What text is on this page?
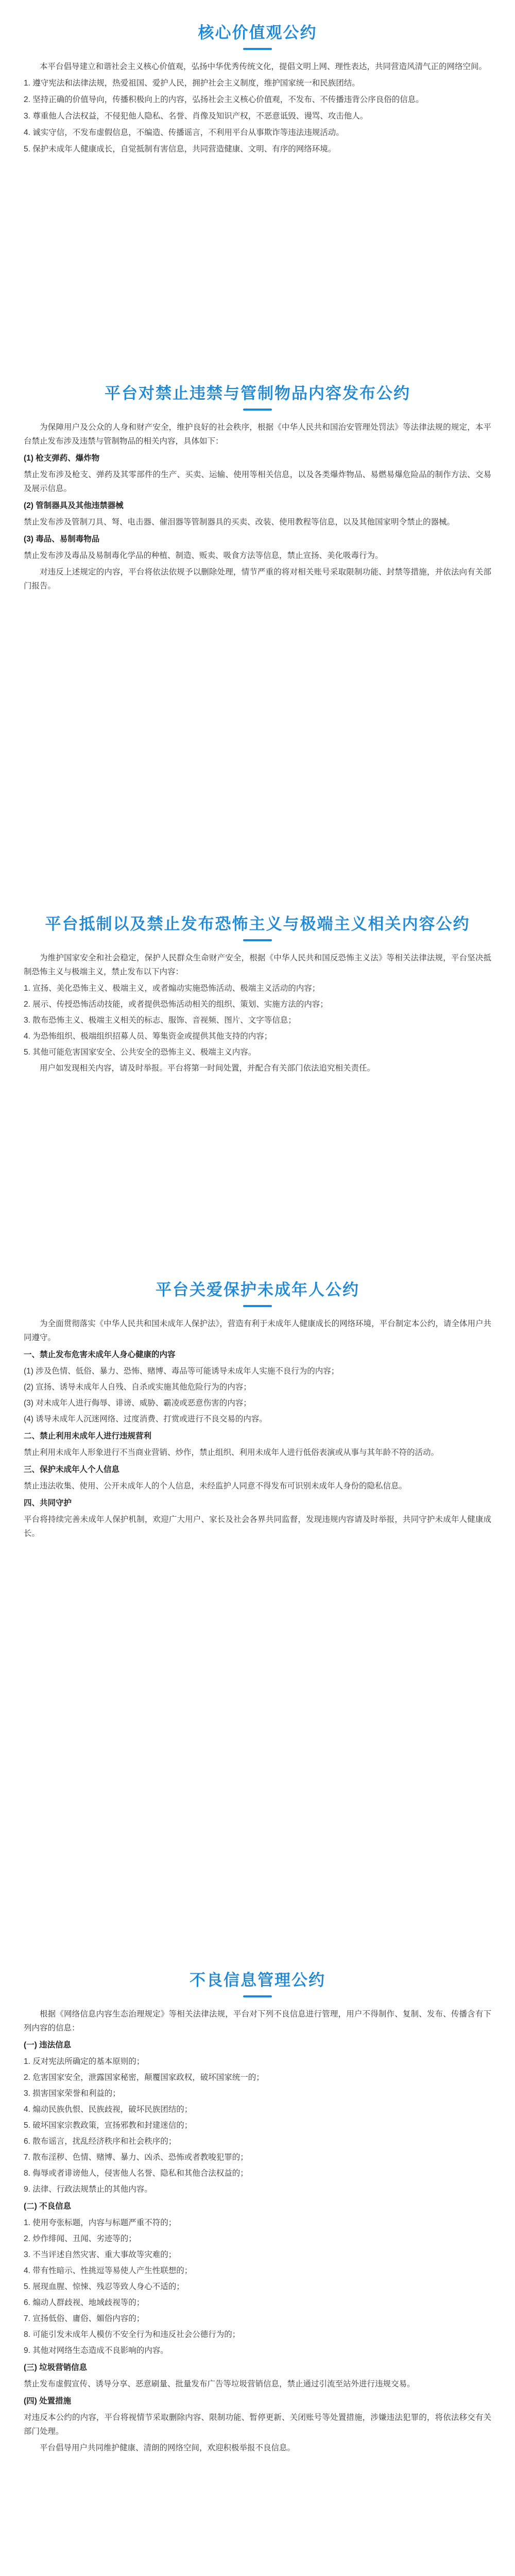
核心价值观公约

本平台倡导建立和谐社会主义核心价值观，弘扬中华优秀传统文化，提倡文明上网、理性表达，共同营造风清气正的网络空间。

1. 遵守宪法和法律法规，热爱祖国、爱护人民，拥护社会主义制度，维护国家统一和民族团结。

2. 坚持正确的价值导向，传播积极向上的内容，弘扬社会主义核心价值观，不发布、不传播违背公序良俗的信息。

3. 尊重他人合法权益，不侵犯他人隐私、名誉、肖像及知识产权，不恶意诋毁、谩骂、攻击他人。

4. 诚实守信，不发布虚假信息，不编造、传播谣言，不利用平台从事欺诈等违法违规活动。

5. 保护未成年人健康成长，自觉抵制有害信息，共同营造健康、文明、有序的网络环境。

平台对禁止违禁与管制物品内容发布公约

为保障用户及公众的人身和财产安全，维护良好的社会秩序，根据《中华人民共和国治安管理处罚法》等法律法规的规定，本平台禁止发布涉及违禁与管制物品的相关内容，具体如下：

(1) 枪支弹药、爆炸物

禁止发布涉及枪支、弹药及其零部件的生产、买卖、运输、使用等相关信息，以及各类爆炸物品、易燃易爆危险品的制作方法、交易及展示信息。

(2) 管制器具及其他违禁器械

禁止发布涉及管制刀具、弩、电击器、催泪器等管制器具的买卖、改装、使用教程等信息，以及其他国家明令禁止的器械。

(3) 毒品、易制毒物品

禁止发布涉及毒品及易制毒化学品的种植、制造、贩卖、吸食方法等信息，禁止宣扬、美化吸毒行为。

对违反上述规定的内容，平台将依法依规予以删除处理，情节严重的将对相关账号采取限制功能、封禁等措施，并依法向有关部门报告。

平台抵制以及禁止发布恐怖主义与极端主义相关内容公约

为维护国家安全和社会稳定，保护人民群众生命财产安全，根据《中华人民共和国反恐怖主义法》等相关法律法规，平台坚决抵制恐怖主义与极端主义，禁止发布以下内容：

1. 宣扬、美化恐怖主义、极端主义，或者煽动实施恐怖活动、极端主义活动的内容；
2. 展示、传授恐怖活动技能，或者提供恐怖活动相关的组织、策划、实施方法的内容；
3. 散布恐怖主义、极端主义相关的标志、服饰、音视频、图片、文字等信息；
4. 为恐怖组织、极端组织招募人员、筹集资金或提供其他支持的内容；
5. 其他可能危害国家安全、公共安全的恐怖主义、极端主义内容。

用户如发现相关内容，请及时举报。平台将第一时间处置，并配合有关部门依法追究相关责任。

平台关爱保护未成年人公约

为全面贯彻落实《中华人民共和国未成年人保护法》，营造有利于未成年人健康成长的网络环境，平台制定本公约，请全体用户共同遵守。

一、禁止发布危害未成年人身心健康的内容

(1) 涉及色情、低俗、暴力、恐怖、赌博、毒品等可能诱导未成年人实施不良行为的内容；
(2) 宣扬、诱导未成年人自残、自杀或实施其他危险行为的内容；
(3) 对未成年人进行侮辱、诽谤、威胁、霸凌或恶意伤害的内容；
(4) 诱导未成年人沉迷网络、过度消费、打赏或进行不良交易的内容。

二、禁止利用未成年人进行违规营利

禁止利用未成年人形象进行不当商业营销、炒作，禁止组织、利用未成年人进行低俗表演或从事与其年龄不符的活动。

三、保护未成年人个人信息

禁止违法收集、使用、公开未成年人的个人信息，未经监护人同意不得发布可识别未成年人身份的隐私信息。

四、共同守护

平台将持续完善未成年人保护机制，欢迎广大用户、家长及社会各界共同监督，发现违规内容请及时举报，共同守护未成年人健康成长。

不良信息管理公约

根据《网络信息内容生态治理规定》等相关法律法规，平台对下列不良信息进行管理，用户不得制作、复制、发布、传播含有下列内容的信息：

(一) 违法信息

1. 反对宪法所确定的基本原则的；
2. 危害国家安全，泄露国家秘密，颠覆国家政权，破坏国家统一的；
3. 损害国家荣誉和利益的；
4. 煽动民族仇恨、民族歧视，破坏民族团结的；
5. 破坏国家宗教政策，宣扬邪教和封建迷信的；
6. 散布谣言，扰乱经济秩序和社会秩序的；
7. 散布淫秽、色情、赌博、暴力、凶杀、恐怖或者教唆犯罪的；
8. 侮辱或者诽谤他人，侵害他人名誉、隐私和其他合法权益的；
9. 法律、行政法规禁止的其他内容。

(二) 不良信息

1. 使用夸张标题，内容与标题严重不符的；
2. 炒作绯闻、丑闻、劣迹等的；
3. 不当评述自然灾害、重大事故等灾难的；
4. 带有性暗示、性挑逗等易使人产生性联想的；
5. 展现血腥、惊悚、残忍等致人身心不适的；
6. 煽动人群歧视、地域歧视等的；
7. 宣扬低俗、庸俗、媚俗内容的；
8. 可能引发未成年人模仿不安全行为和违反社会公德行为的；
9. 其他对网络生态造成不良影响的内容。

(三) 垃圾营销信息

禁止发布虚假宣传、诱导分享、恶意刷量、批量发布广告等垃圾营销信息，禁止通过引流至站外进行违规交易。

(四) 处置措施

对违反本公约的内容，平台将视情节采取删除内容、限制功能、暂停更新、关闭账号等处置措施，涉嫌违法犯罪的，将依法移交有关部门处理。

平台倡导用户共同维护健康、清朗的网络空间，欢迎积极举报不良信息。
